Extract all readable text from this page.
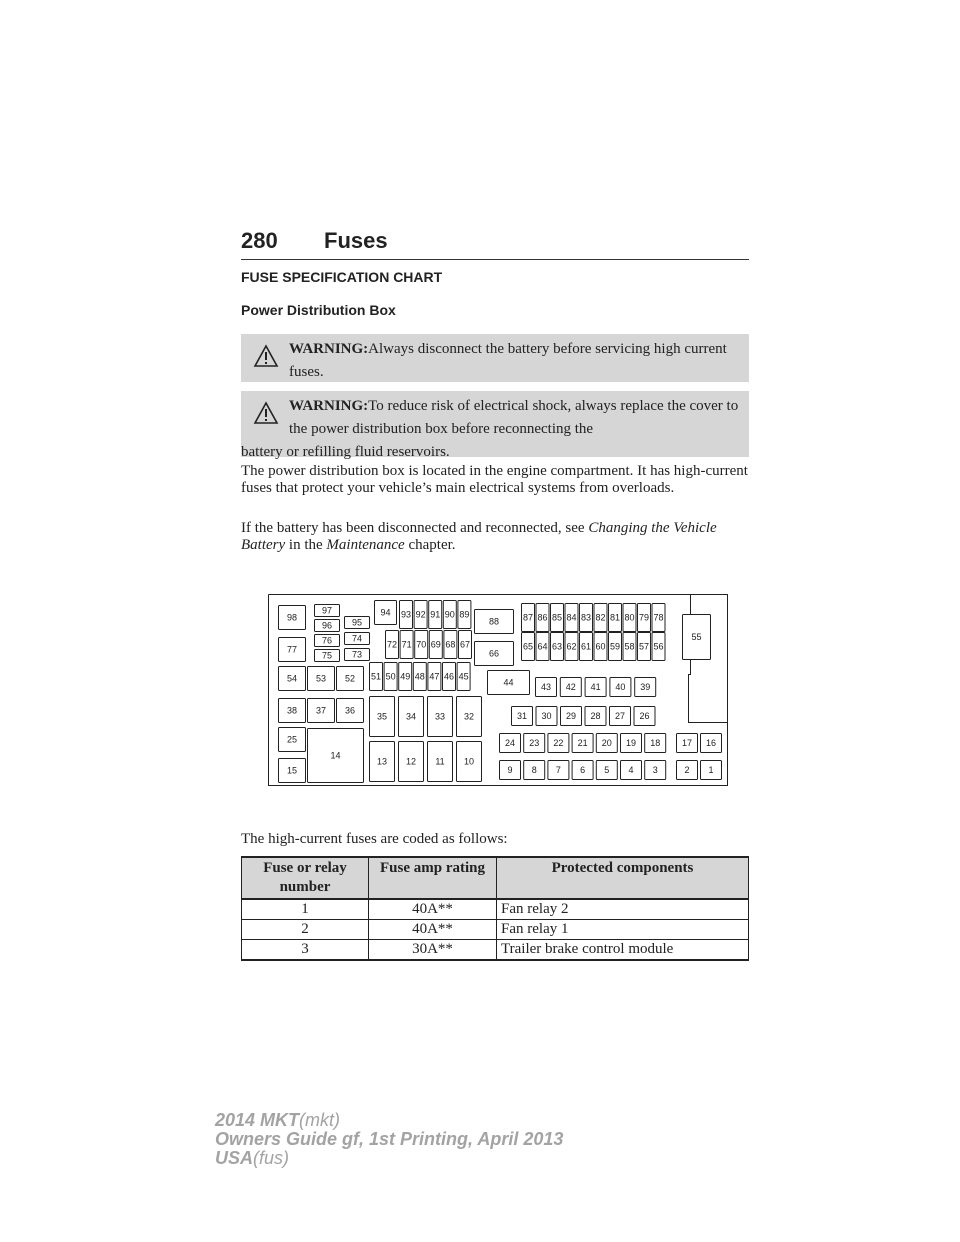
280 Fuses
FUSE SPECIFICATION CHART
Power Distribution Box

WARNING:Always disconnect the battery before servicing high current fuses.

WARNING:To reduce risk of electrical shock, always replace the cover to the power distribution box before reconnecting the

battery or refilling fluid reservoirs.

The power distribution box is located in the engine compartment. It has high-current fuses that protect your vehicle’s main electrical systems from overloads.

If the battery has been disconnected and reconnected, see Changing the Vehicle Battery in the Maintenance chapter.

98
97
96 95
94 93 92 91 90 89
88	87 86 85 84 83 82 81 80 79 78
77
76
75
74
73
72 71 70 69 68 67
66
65 64 63 62 61 60 59 58 57 56
55
54 53 52 51 50 49 48 47 46 45
44	43 42 41 40 39
38 37 36
35 34 33 32	31 30 29 28 27 26
25	24 23 22 21 20 19 18 17 16
15
14
13 12 11 10
9 8 7 6 5 4 3	2 1
The high-current fuses are coded as follows:
Fuse or relay number	Fuse amp rating	Protected components
1	40A**	Fan relay 2
2	40A**	Fan relay 1
3	30A**	Trailer brake control module
2014 MKT(mkt)
Owners Guide gf, 1st Printing, April 2013
USA(fus)
